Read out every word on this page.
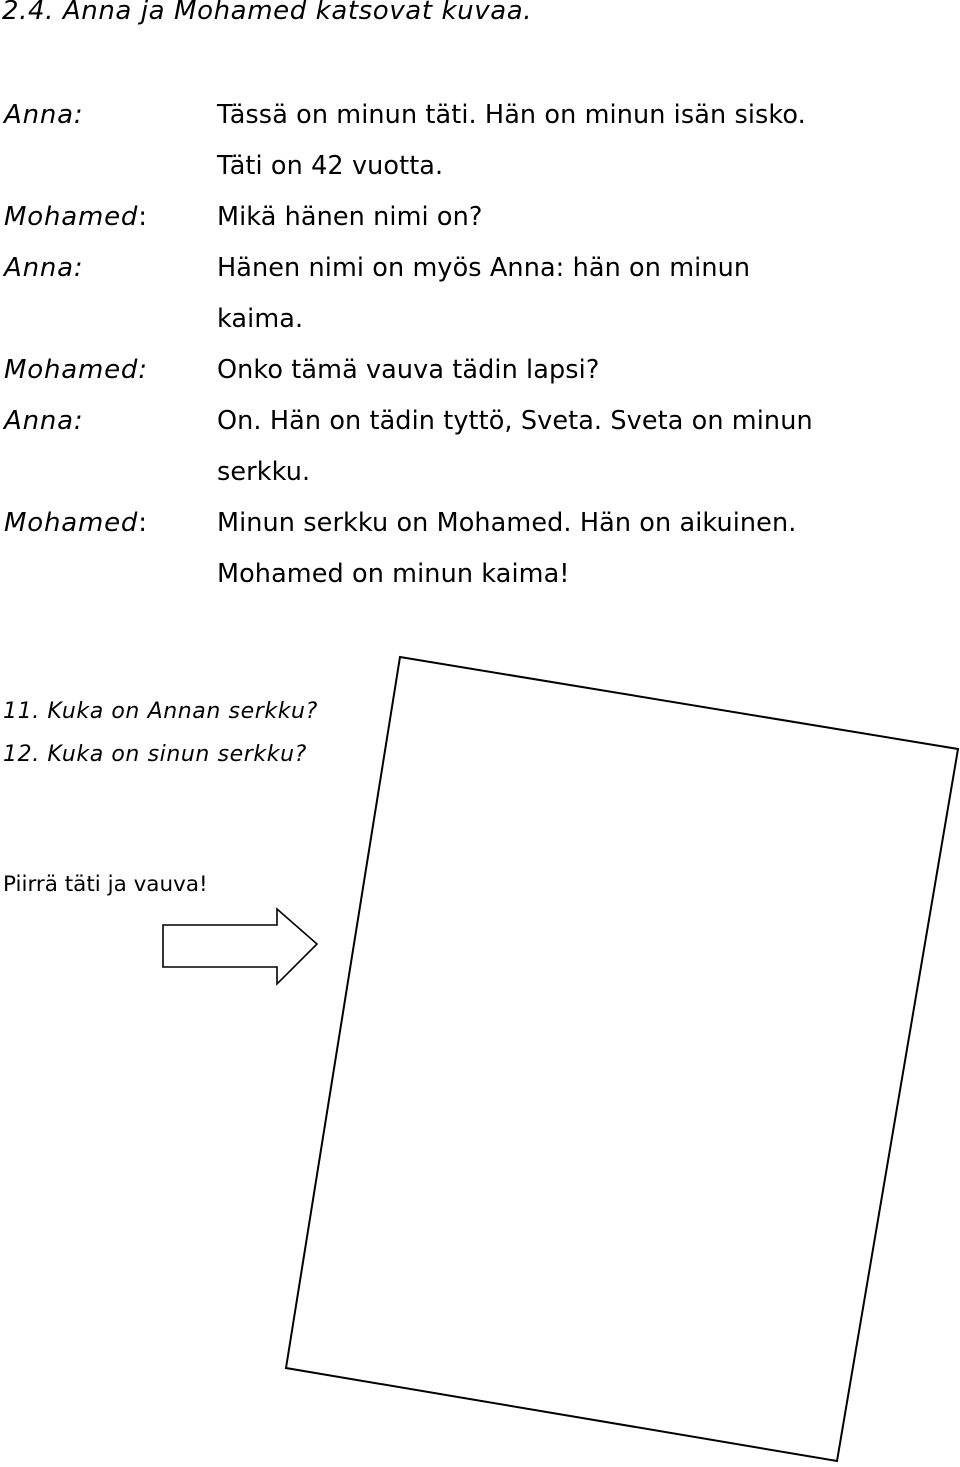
2.4. Anna ja Mohamed katsovat kuvaa.
Anna:	Tässä on minun täti. Hän on minun isän sisko.
Täti on 42 vuotta.
Mohamed:	Mikä hänen nimi on?
Anna:	Hänen nimi on myös Anna: hän on minun
kaima.
Mohamed:	Onko tämä vauva tädin lapsi?
Anna:	On. Hän on tädin tyttö, Sveta. Sveta on minun
serkku.
Mohamed:	Minun serkku on Mohamed. Hän on aikuinen.
Mohamed on minun kaima!
11. Kuka on Annan serkku?
12. Kuka on sinun serkku?
Piirrä täti ja vauva!
